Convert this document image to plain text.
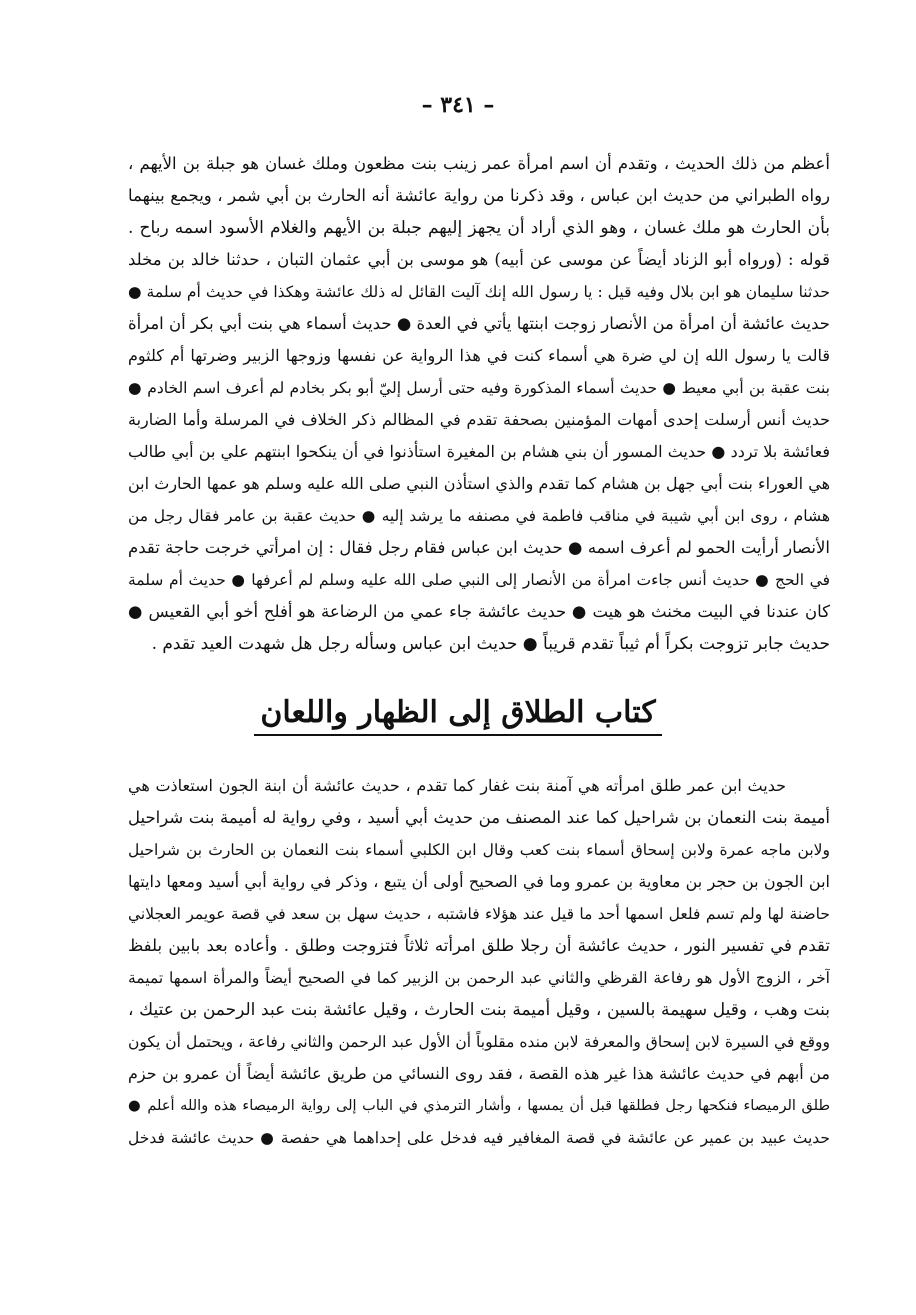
– ٣٤١ –
أعظم من ذلك الحديث ، وتقدم أن اسم امرأة عمر زينب بنت مظعون وملك غسان هو جبلة بن الأيهم ،
رواه الطبراني من حديث ابن عباس ، وقد ذكرنا من رواية عائشة أنه الحارث بن أبي شمر ، ويجمع بينهما
بأن الحارث هو ملك غسان ، وهو الذي أراد أن يجهز إليهم جبلة بن الأيهم والغلام الأسود اسمه رباح .
قوله : (ورواه أبو الزناد أيضاً عن موسى عن أبيه) هو موسى بن أبي عثمان التبان ، حدثنا خالد بن مخلد
حدثنا سليمان هو ابن بلال وفيه قيل : يا رسول الله إنك آليت القائل له ذلك عائشة وهكذا في حديث أم سلمة ●
حديث عائشة أن امرأة من الأنصار زوجت ابنتها يأتي في العدة ● حديث أسماء هي بنت أبي بكر أن امرأة
قالت يا رسول الله إن لي ضرة هي أسماء كنت في هذا الرواية عن نفسها وزوجها الزبير وضرتها أم كلثوم
بنت عقبة بن أبي معيط ● حديث أسماء المذكورة وفيه حتى أرسل إليّ أبو بكر بخادم لم أعرف اسم الخادم ●
حديث أنس أرسلت إحدى أمهات المؤمنين بصحفة تقدم في المظالم ذكر الخلاف في المرسلة وأما الضاربة
فعائشة بلا تردد ● حديث المسور أن بني هشام بن المغيرة استأذنوا في أن ينكحوا ابنتهم علي بن أبي طالب
هي العوراء بنت أبي جهل بن هشام كما تقدم والذي استأذن النبي صلى الله عليه وسلم هو عمها الحارث ابن
هشام ، روى ابن أبي شيبة في مناقب فاطمة في مصنفه ما يرشد إليه ● حديث عقبة بن عامر فقال رجل من
الأنصار أرأيت الحمو لم أعرف اسمه ● حديث ابن عباس فقام رجل فقال : إن امرأتي خرجت حاجة تقدم
في الحج ● حديث أنس جاءت امرأة من الأنصار إلى النبي صلى الله عليه وسلم لم أعرفها ● حديث أم سلمة
كان عندنا في البيت مخنث هو هيت ● حديث عائشة جاء عمي من الرضاعة هو أفلح أخو أبي القعيس ●
حديث جابر تزوجت بكراً أم ثيباً تقدم قريباً ● حديث ابن عباس وسأله رجل هل شهدت العيد تقدم .
كتاب الطلاق إلى الظهار واللعان
حديث ابن عمر طلق امرأته هي آمنة بنت غفار كما تقدم ، حديث عائشة أن ابنة الجون استعاذت هي
أميمة بنت النعمان بن شراحيل كما عند المصنف من حديث أبي أسيد ، وفي رواية له أميمة بنت شراحيل
ولابن ماجه عمرة ولابن إسحاق أسماء بنت كعب وقال ابن الكلبي أسماء بنت النعمان بن الحارث بن شراحيل
ابن الجون بن حجر بن معاوية بن عمرو وما في الصحيح أولى أن يتبع ، وذكر في رواية أبي أسيد ومعها دايتها
حاضنة لها ولم تسم فلعل اسمها أحد ما قيل عند هؤلاء فاشتبه ، حديث سهل بن سعد في قصة عويمر العجلاني
تقدم في تفسير النور ، حديث عائشة أن رجلا طلق امرأته ثلاثاً فتزوجت وطلق . وأعاده بعد بابين بلفظ
آخر ، الزوج الأول هو رفاعة القرظي والثاني عبد الرحمن بن الزبير كما في الصحيح أيضاً والمرأة اسمها تميمة
بنت وهب ، وقيل سهيمة بالسين ، وقيل أميمة بنت الحارث ، وقيل عائشة بنت عبد الرحمن بن عتيك ،
ووقع في السيرة لابن إسحاق والمعرفة لابن منده مقلوباً أن الأول عبد الرحمن والثاني رفاعة ، ويحتمل أن يكون
من أبهم في حديث عائشة هذا غير هذه القصة ، فقد روى النسائي من طريق عائشة أيضاً أن عمرو بن حزم
طلق الرميصاء فنكحها رجل فطلقها قبل أن يمسها ، وأشار الترمذي في الباب إلى رواية الرميصاء هذه والله أعلم ●
حديث عبيد بن عمير عن عائشة في قصة المغافير فيه فدخل على إحداهما هي حفصة ● حديث عائشة فدخل
